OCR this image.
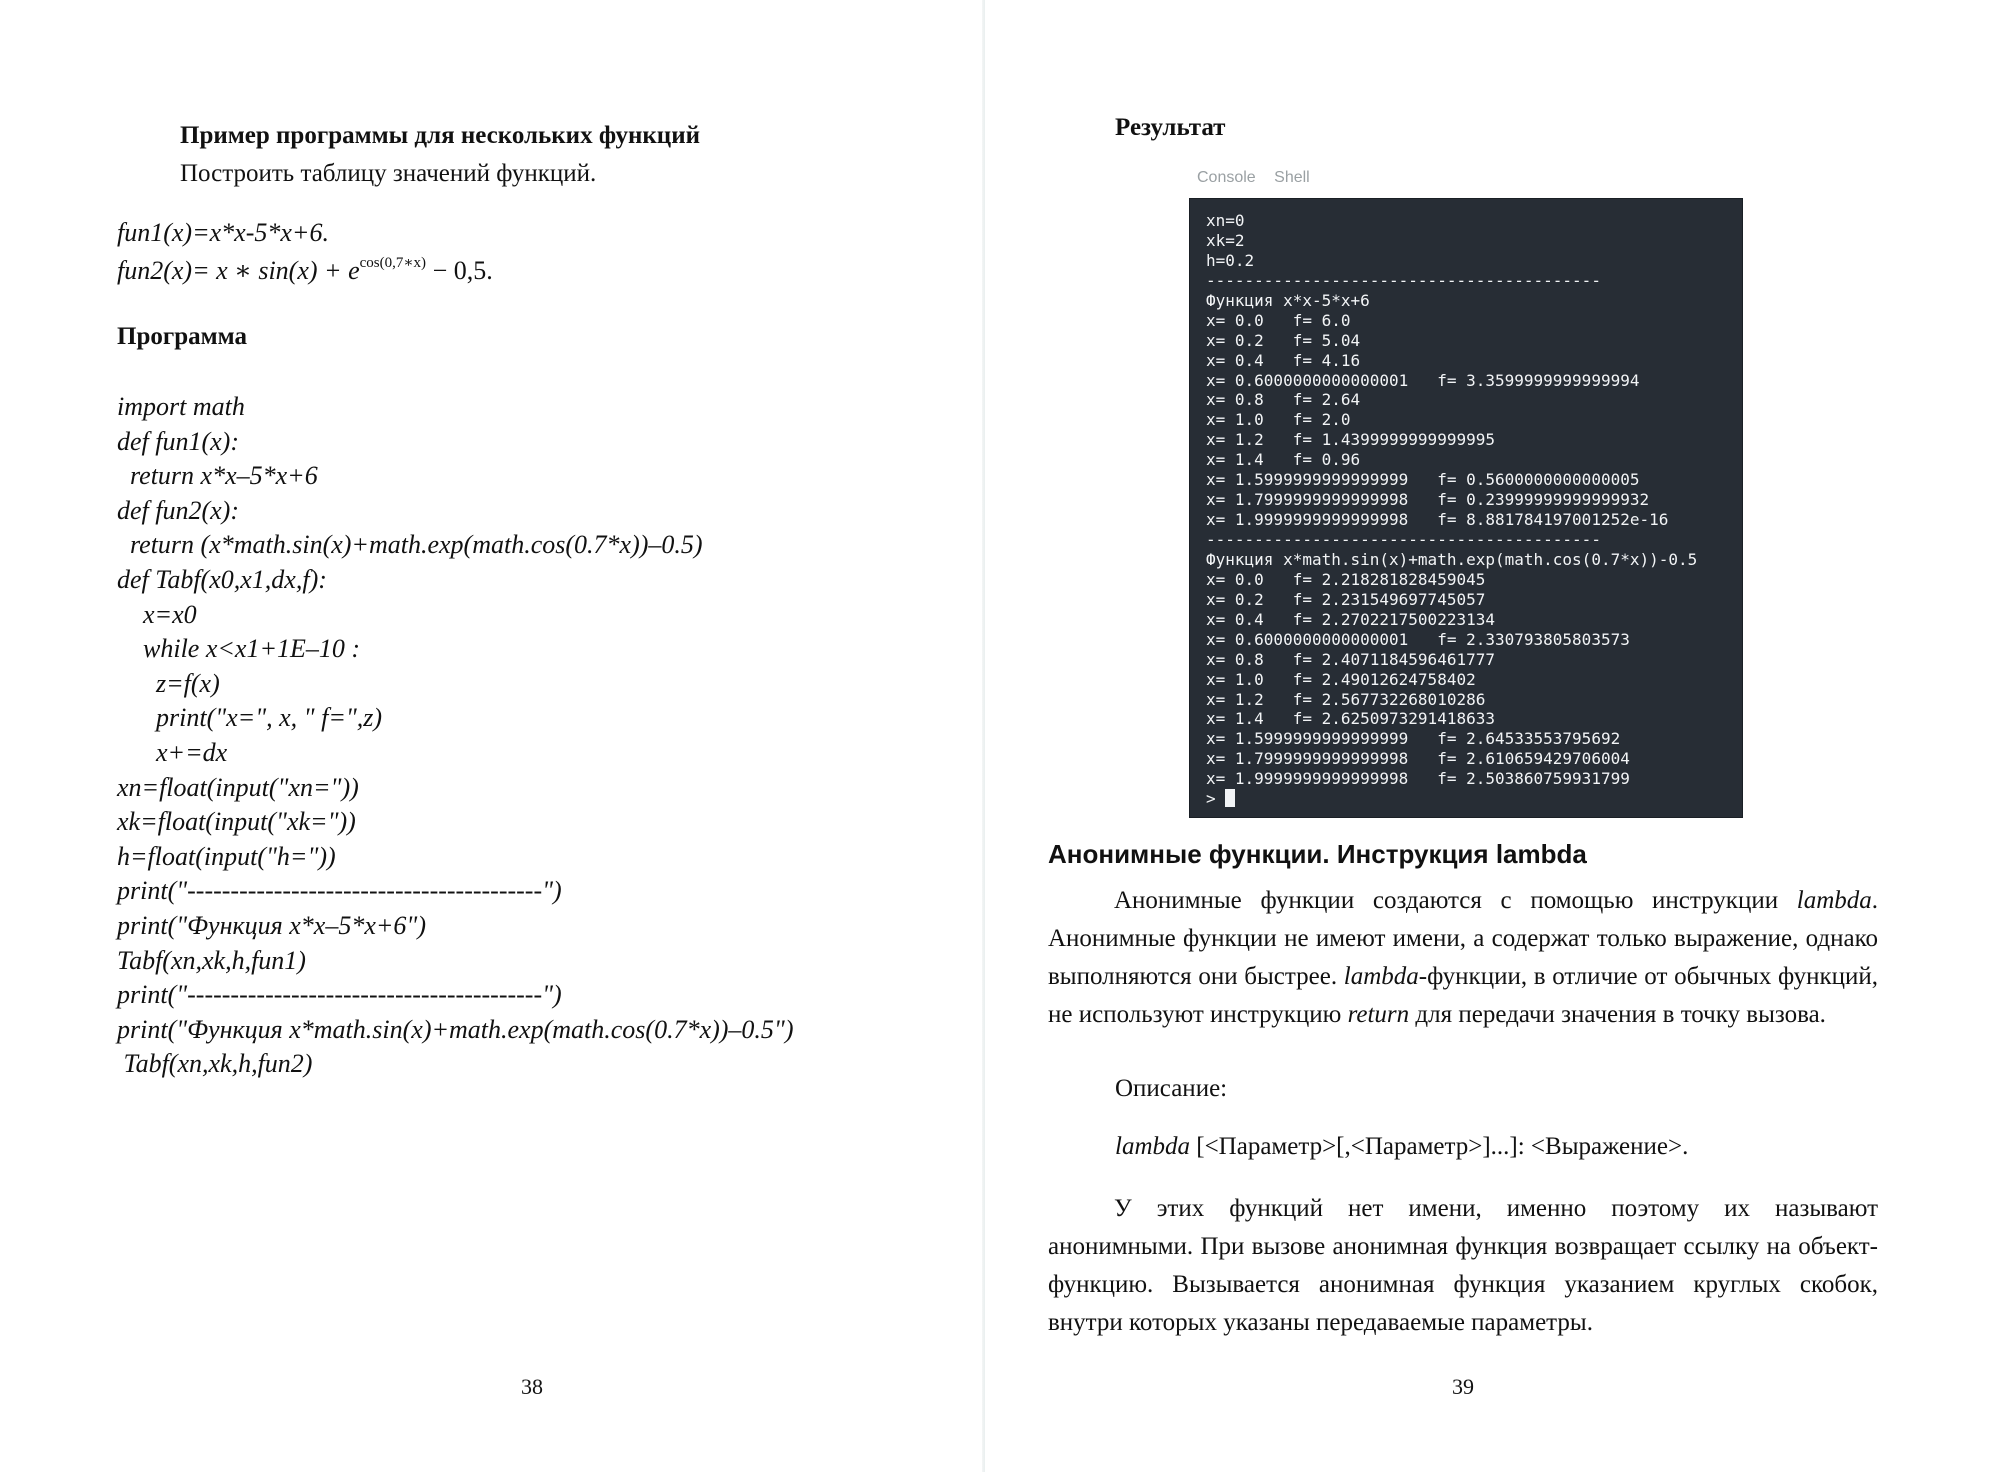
Пример программы для нескольких функций
Построить таблицу значений функций.
fun1(x)=x*x-5*x+6.
fun2(x)= x ∗ $\sin(x) + e^{cos(0,7∗x)} - 0,5$.
Программа
import math
def fun1(x):
return x*x–5*x+6
def fun2(x):
return (x*math.sin(x)+math.exp(math.cos(0.7*x))–0.5)
def Tabf(x0,x1,dx,f):
x=x0
while x<x1+1E–10 :
z=f(x)
print("x=", x, " f=",z)
x+=dx
xn=float(input("xn="))
xk=float(input("xk="))
h=float(input("h="))
print("-----------------------------------------")
print("Функция x*x–5*x+6")
Tabf(xn,xk,h,fun1)
print("-----------------------------------------")
print("Функция x*math.sin(x)+math.exp(math.cos(0.7*x))–0.5")
Tabf(xn,xk,h,fun2)
38
Результат
Console Shell
xn=0
xk=2
h=0.2
-----------------------------------------
Функция x*x-5*x+6
x= 0.0   f= 6.0
x= 0.2   f= 5.04
x= 0.4   f= 4.16
x= 0.6000000000000001   f= 3.3599999999999994
x= 0.8   f= 2.64
x= 1.0   f= 2.0
x= 1.2   f= 1.4399999999999995
x= 1.4   f= 0.96
x= 1.5999999999999999   f= 0.5600000000000005
x= 1.7999999999999998   f= 0.23999999999999932
x= 1.9999999999999998   f= 8.881784197001252e-16
-----------------------------------------
Функция x*math.sin(x)+math.exp(math.cos(0.7*x))-0.5
x= 0.0   f= 2.218281828459045
x= 0.2   f= 2.231549697745057
x= 0.4   f= 2.2702217500223134
x= 0.6000000000000001   f= 2.330793805803573
x= 0.8   f= 2.4071184596461777
x= 1.0   f= 2.49012624758402
x= 1.2   f= 2.567732268010286
x= 1.4   f= 2.6250973291418633
x= 1.5999999999999999   f= 2.64533553795692
x= 1.7999999999999998   f= 2.610659429706004
x= 1.9999999999999998   f= 2.503860759931799
>
Анонимные функции. Инструкция lambda

Анонимные функции создаются с помощью инструкции lambda. Анонимные функции не имеют имени, а содержат только выражение, однако выполняются они быстрее. lambda-функции, в отличие от обычных функций, не используют инструкцию return для передачи значения в точку вызова.

Описание:
lambda [<Параметр>[,<Параметр>]...]: <Выражение>.

У этих функций нет имени, именно поэтому их называют анонимными. При вызове анонимная функция возвращает ссылку на объект-функцию. Вызывается анонимная функция указанием круглых скобок, внутри которых указаны передаваемые параметры.

39
